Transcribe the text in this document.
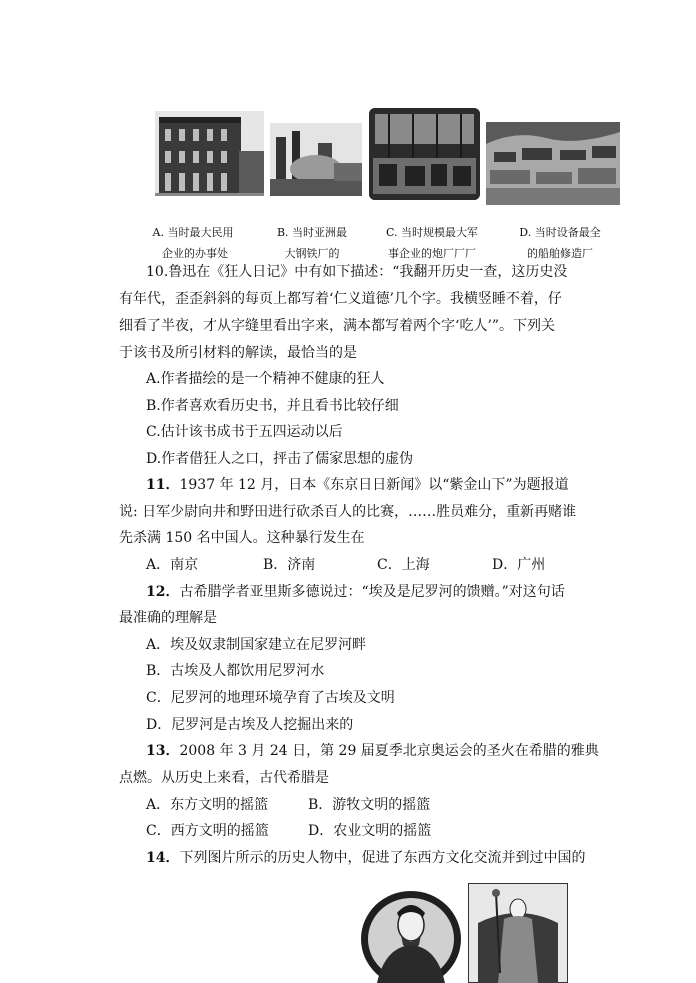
A. 当时最大民用
企业的办事处
B. 当时亚洲最
大钢铁厂的
C. 当时规模最大军
事企业的炮厂厂厂
D. 当时设备最全
的船舶修造厂
10.鲁迅在《狂人日记》中有如下描述：“我翻开历史一查，这历史没
有年代，歪歪斜斜的每页上都写着‘仁义道德’几个字。我横竖睡不着，仔
细看了半夜，才从字缝里看出字来，满本都写着两个字‘吃人’”。下列关
于该书及所引材料的解读，最恰当的是
A.作者描绘的是一个精神不健康的狂人
B.作者喜欢看历史书，并且看书比较仔细
C.估计该书成书于五四运动以后
D.作者借狂人之口，抨击了儒家思想的虚伪
11．1937 年 12 月，日本《东京日日新闻》以“紫金山下”为题报道
说: 日军少尉向井和野田进行砍杀百人的比赛，……胜员难分，重新再赌谁
先杀满 150 名中国人。这种暴行发生在
A．南京	B．济南	C．上海	D．广州
12．古希腊学者亚里斯多德说过：“埃及是尼罗河的馈赠。”对这句话
最准确的理解是
A．埃及奴隶制国家建立在尼罗河畔
B．古埃及人都饮用尼罗河水
C．尼罗河的地理环境孕育了古埃及文明
D．尼罗河是古埃及人挖掘出来的
13．2008 年 3 月 24 日，第 29 届夏季北京奥运会的圣火在希腊的雅典
点燃。从历史上来看，古代希腊是
A．东方文明的摇篮	B．游牧文明的摇篮
C．西方文明的摇篮	D．农业文明的摇篮
14．下列图片所示的历史人物中，促进了东西方文化交流并到过中国的
